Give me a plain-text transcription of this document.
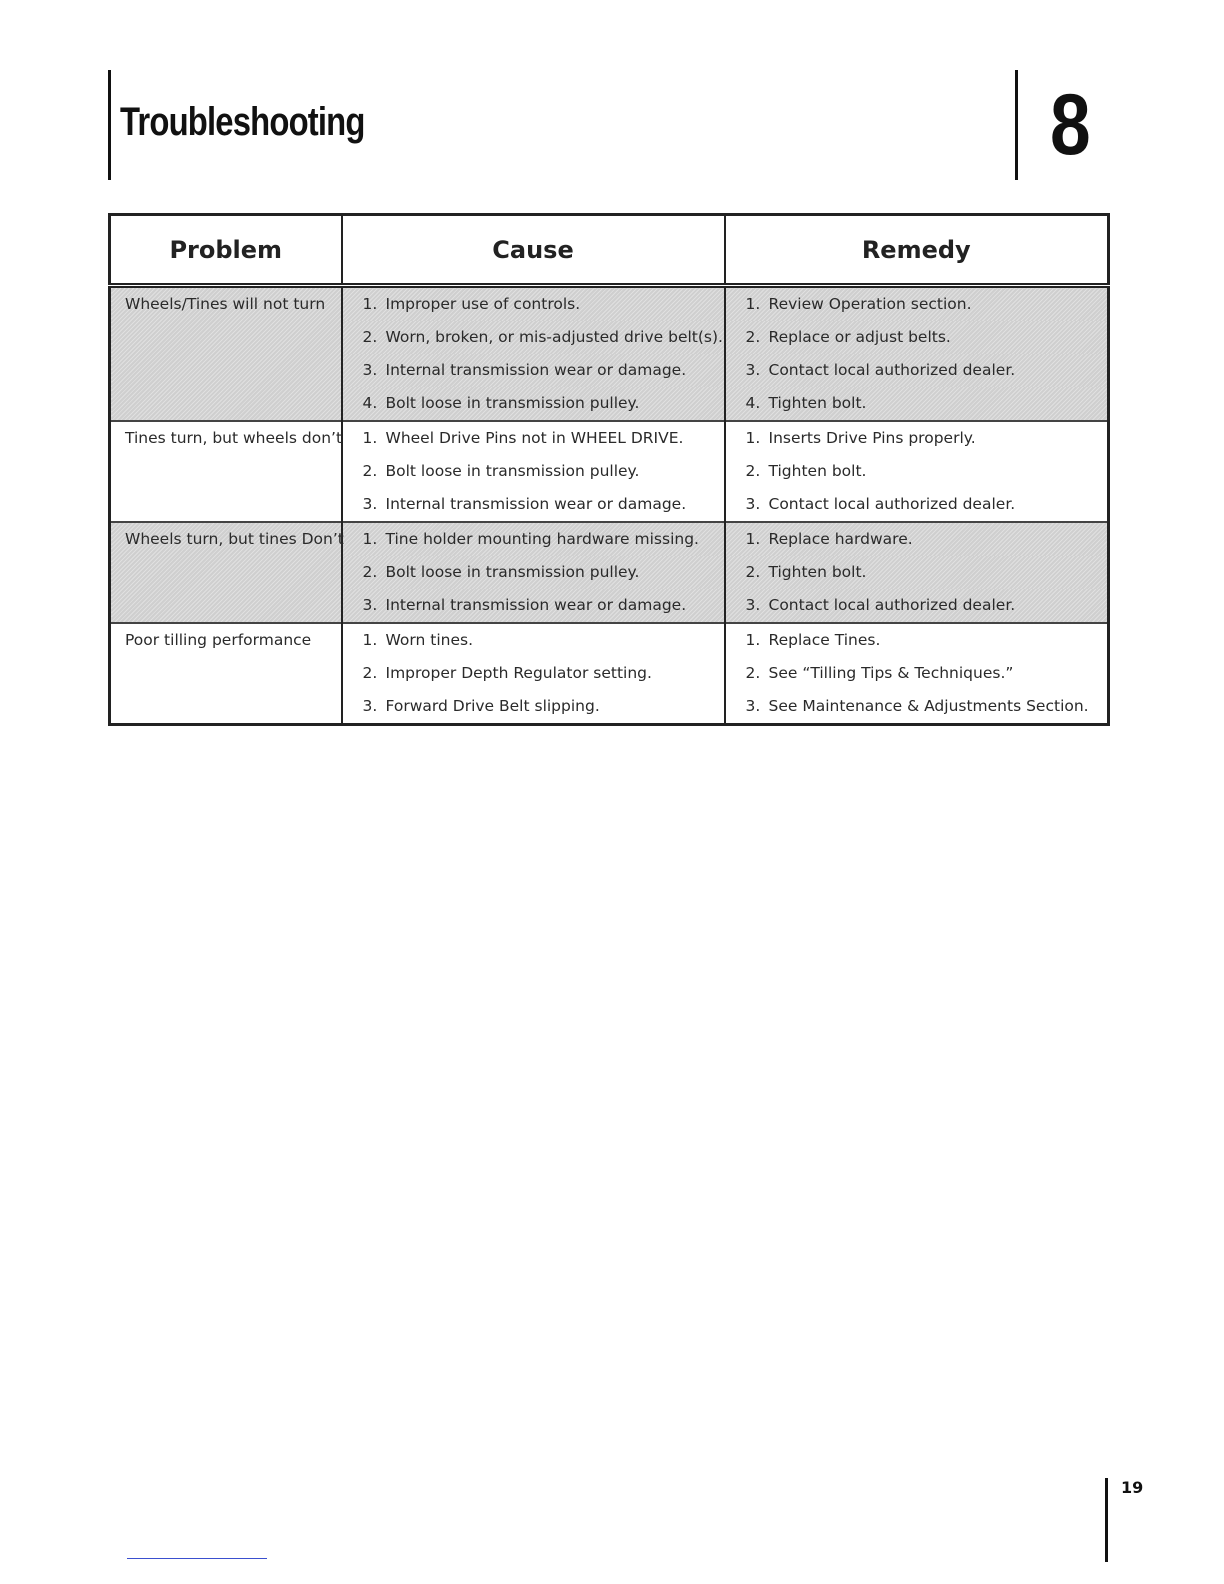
Troubleshooting	8
Problem	Cause	Remedy

Wheels/Tines will not turn	1. Improper use of controls.	1. Review Operation section.

	2. Worn, broken, or mis-adjusted drive belt(s).	2. Replace or adjust belts.

	3. Internal transmission wear or damage.	3. Contact local authorized dealer.

	4. Bolt loose in transmission pulley.	4. Tighten bolt.

Tines turn, but wheels don’t	1. Wheel Drive Pins not in WHEEL DRIVE.	1. Inserts Drive Pins properly.

	2. Bolt loose in transmission pulley.	2. Tighten bolt.

	3. Internal transmission wear or damage.	3. Contact local authorized dealer.

Wheels turn, but tines Don’t	1. Tine holder mounting hardware missing.	1. Replace hardware.

	2. Bolt loose in transmission pulley.	2. Tighten bolt.

	3. Internal transmission wear or damage.	3. Contact local authorized dealer.

Poor tilling performance	1. Worn tines.	1. Replace Tines.

	2. Improper Depth Regulator setting.	2. See “Tilling Tips & Techniques.”

	3. Forward Drive Belt slipping.	3. See Maintenance & Adjustments Section.
19
